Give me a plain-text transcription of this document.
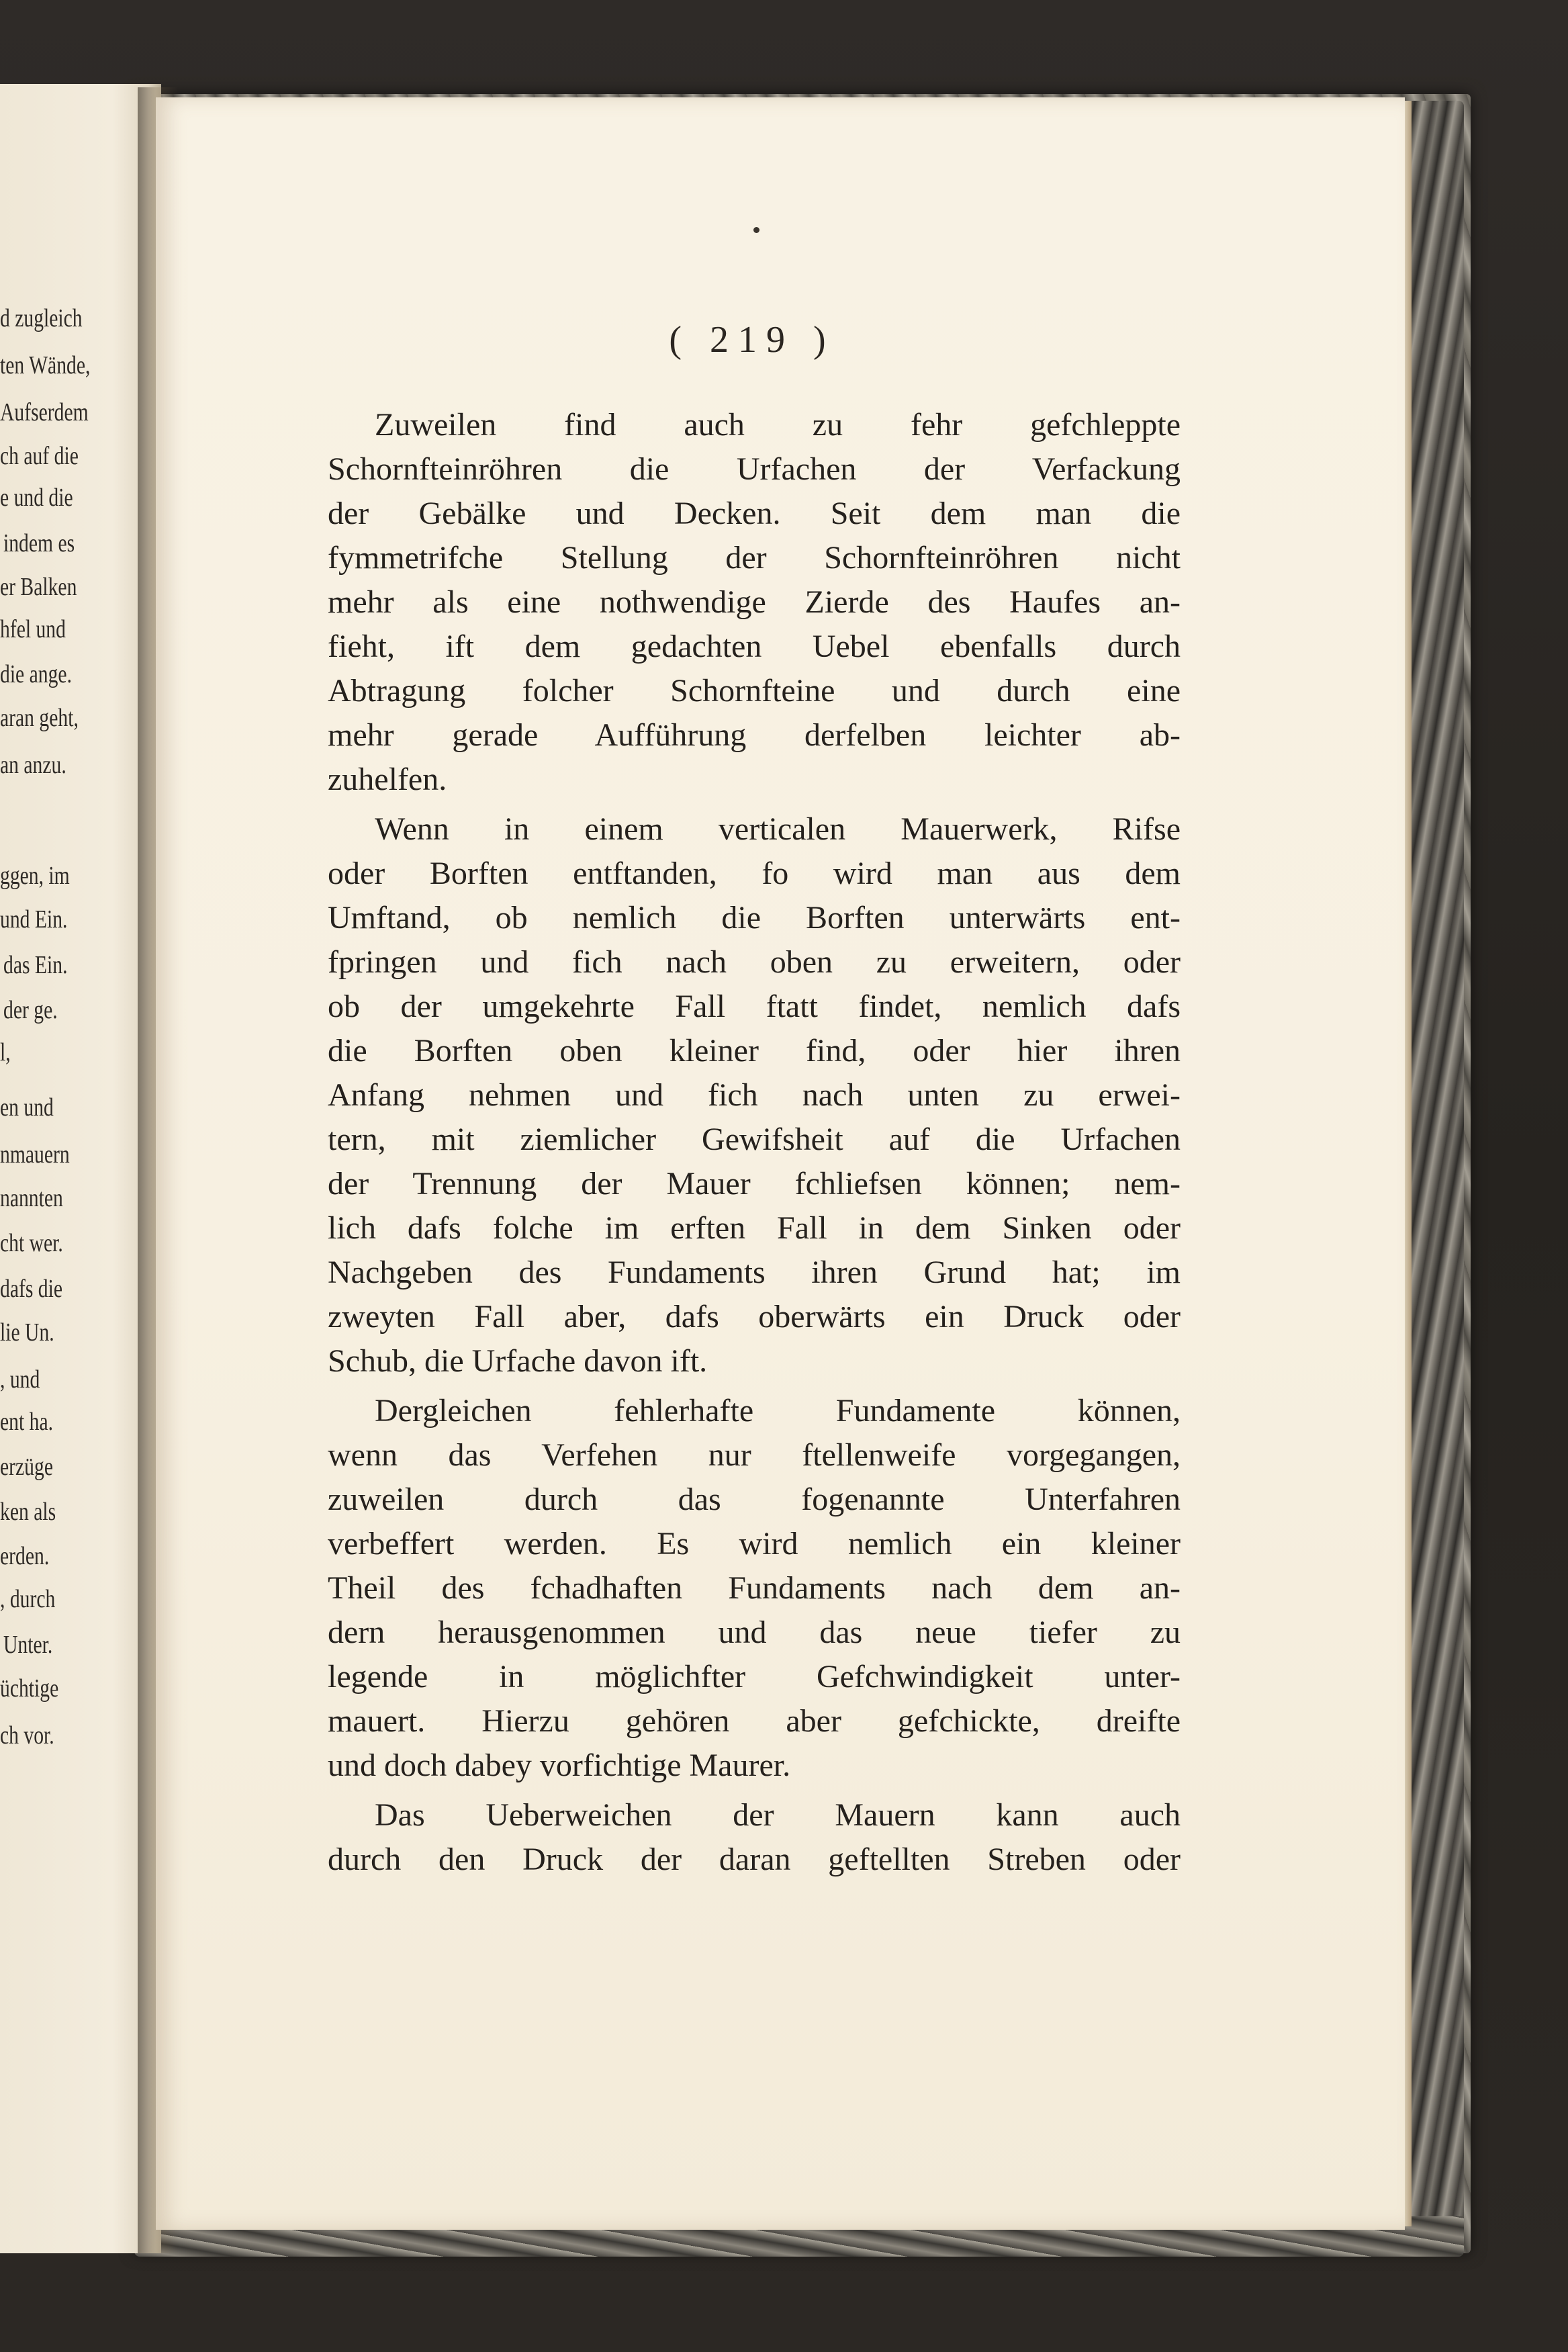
d zugleich
ten Wände,
Aufserdem
ch auf die
e und die
indem es
er Balken
hfel und
die ange.
aran geht,
an anzu.
ggen, im
und Ein.
das Ein.
der ge.
l,
en und
nmauern
nannten
cht wer.
dafs die
lie Un.
, und
ent ha.
erzüge
ken als
erden.
, durch
Unter.
üchtige
ch vor.
( 219 )
Zuweilen find auch zu fehr gefchleppte
Schornfteinröhren die Urfachen der Verfackung
der Gebälke und Decken. Seit dem man die
fymmetrifche Stellung der Schornfteinröhren nicht
mehr als eine nothwendige Zierde des Haufes an-
fieht, ift dem gedachten Uebel ebenfalls durch
Abtragung folcher Schornfteine und durch eine
mehr gerade Aufführung derfelben leichter ab-
zuhelfen.
Wenn in einem verticalen Mauerwerk, Rifse
oder Borften entftanden, fo wird man aus dem
Umftand, ob nemlich die Borften unterwärts ent-
fpringen und fich nach oben zu erweitern, oder
ob der umgekehrte Fall ftatt findet, nemlich dafs
die Borften oben kleiner find, oder hier ihren
Anfang nehmen und fich nach unten zu erwei-
tern, mit ziemlicher Gewifsheit auf die Urfachen
der Trennung der Mauer fchliefsen können; nem-
lich dafs folche im erften Fall in dem Sinken oder
Nachgeben des Fundaments ihren Grund hat; im
zweyten Fall aber, dafs oberwärts ein Druck oder
Schub, die Urfache davon ift.
Dergleichen fehlerhafte Fundamente können,
wenn das Verfehen nur ftellenweife vorgegangen,
zuweilen durch das fogenannte Unterfahren
verbeffert werden. Es wird nemlich ein kleiner
Theil des fchadhaften Fundaments nach dem an-
dern herausgenommen und das neue tiefer zu
legende in möglichfter Gefchwindigkeit unter-
mauert. Hierzu gehören aber gefchickte, dreifte
und doch dabey vorfichtige Maurer.
Das Ueberweichen der Mauern kann auch
durch den Druck der daran geftellten Streben oder
